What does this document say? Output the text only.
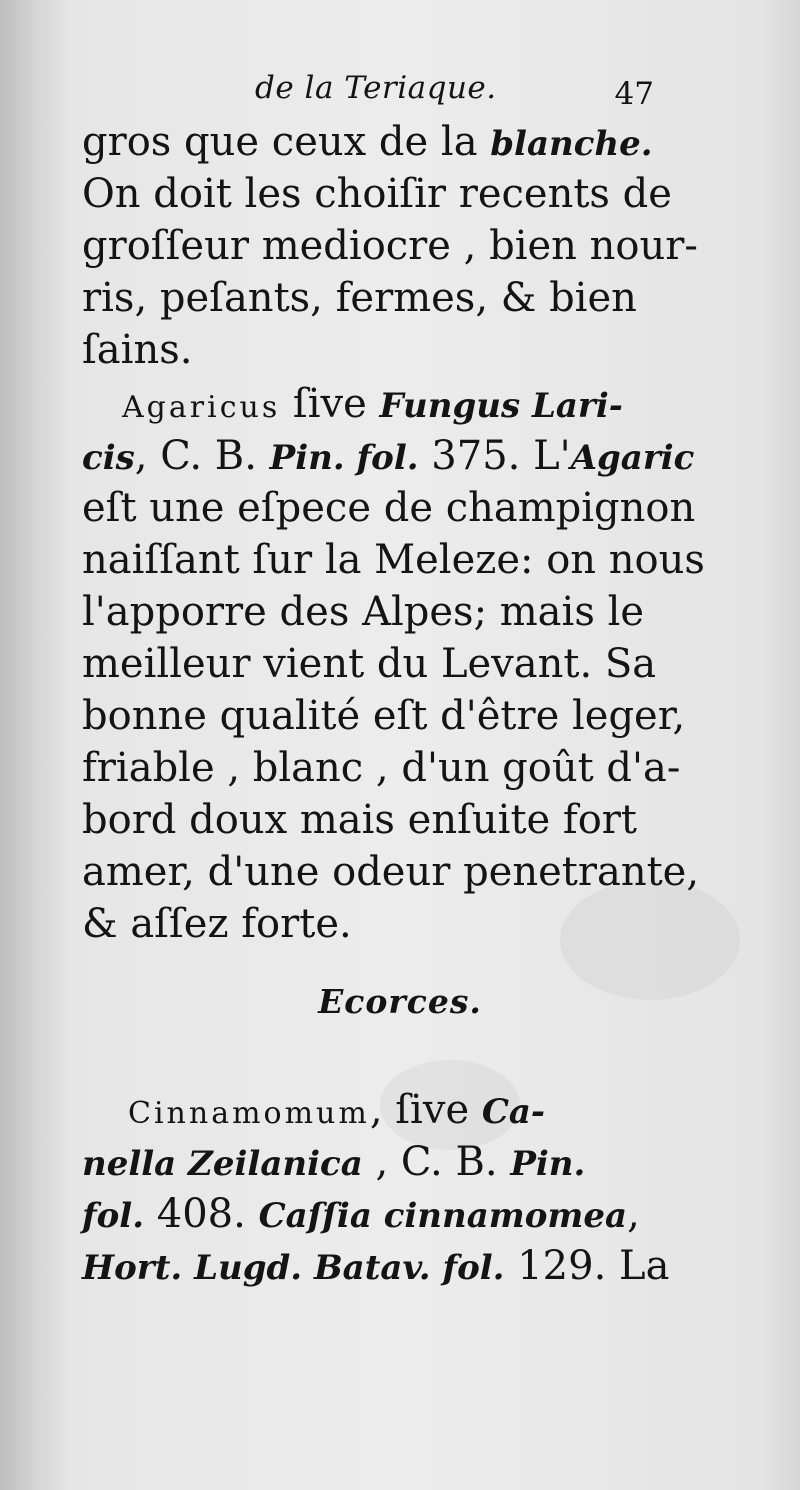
de la Teriaque.	47
gros que ceux de la blanche.
On doit les choiſir recents de
groſſeur mediocre , bien nour-
ris, peſants, fermes, & bien
ſains.
Agaricus ſive Fungus Lari-
cis, C. B. Pin. fol. 375. L'Agaric
eſt une eſpece de champignon
naiſſant ſur la Meleze: on nous
l'apporre des Alpes; mais le
meilleur vient du Levant. Sa
bonne qualité eſt d'être leger,
friable , blanc , d'un goût d'a-
bord doux mais enſuite fort
amer, d'une odeur penetrante,
& aſſez forte.
Ecorces.
Cinnamomum, ſive Ca-
nella Zeilanica , C. B. Pin.
fol. 408. Caſſia cinnamomea,
Hort. Lugd. Batav. fol. 129. La
